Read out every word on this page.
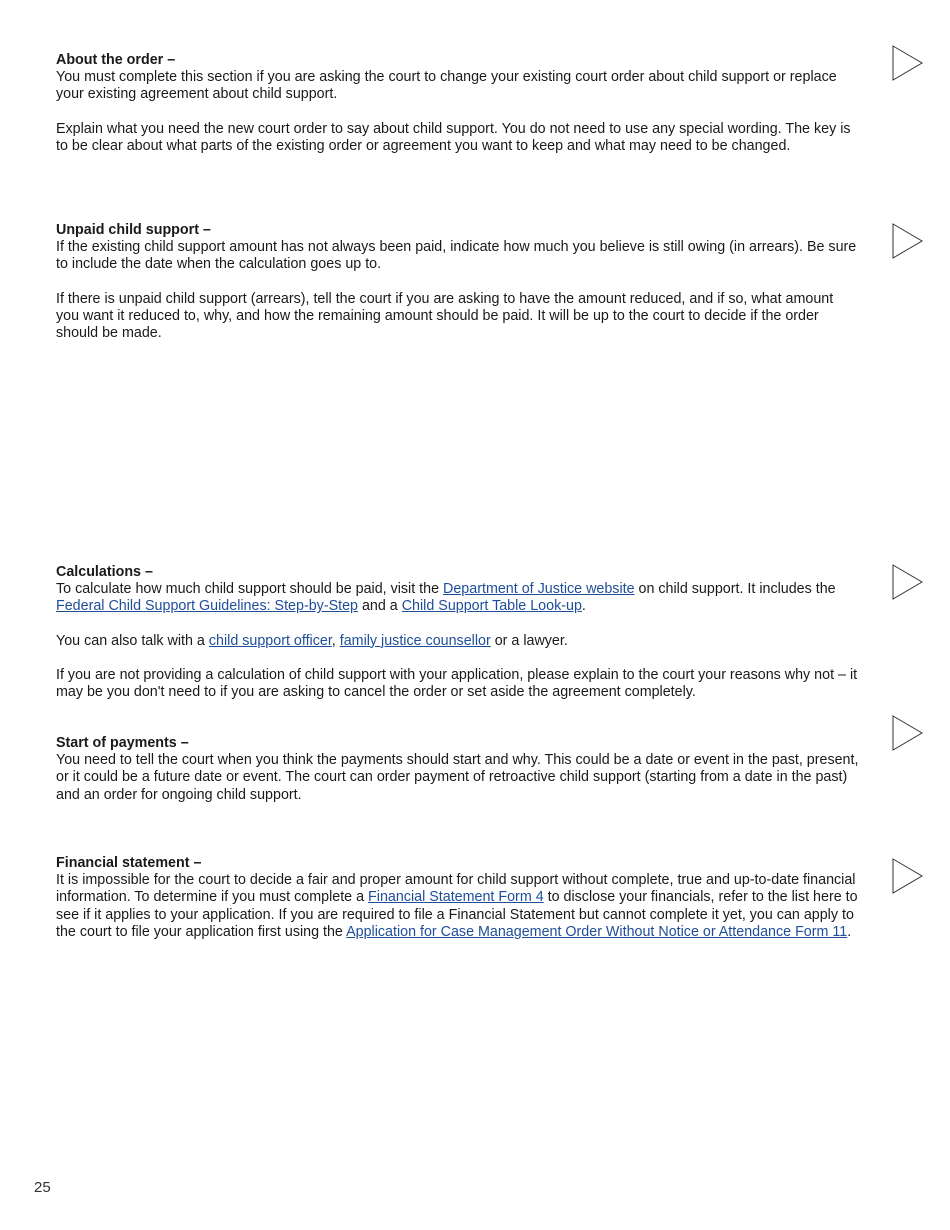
About the order –

You must complete this section if you are asking the court to change your existing court order about child support or replace your existing agreement about child support.

Explain what you need the new court order to say about child support. You do not need to use any special wording. The key is to be clear about what parts of the existing order or agreement you want to keep and what may need to be changed.

Unpaid child support –

If the existing child support amount has not always been paid, indicate how much you believe is still owing (in arrears). Be sure to include the date when the calculation goes up to.

If there is unpaid child support (arrears), tell the court if you are asking to have the amount reduced, and if so, what amount you want it reduced to, why, and how the remaining amount should be paid. It will be up to the court to decide if the order should be made.

Calculations –

To calculate how much child support should be paid, visit the Department of Justice website on child support. It includes the Federal Child Support Guidelines: Step-by-Step and a Child Support Table Look-up.

You can also talk with a child support officer, family justice counsellor or a lawyer.

If you are not providing a calculation of child support with your application, please explain to the court your reasons why not – it may be you don't need to if you are asking to cancel the order or set aside the agreement completely.

Start of payments –

You need to tell the court when you think the payments should start and why. This could be a date or event in the past, present, or it could be a future date or event. The court can order payment of retroactive child support (starting from a date in the past) and an order for ongoing child support.

Financial statement –

It is impossible for the court to decide a fair and proper amount for child support without complete, true and up-to-date financial information. To determine if you must complete a Financial Statement Form 4 to disclose your financials, refer to the list here to see if it applies to your application. If you are required to file a Financial Statement but cannot complete it yet, you can apply to the court to file your application first using the Application for Case Management Order Without Notice or Attendance Form 11.

25
